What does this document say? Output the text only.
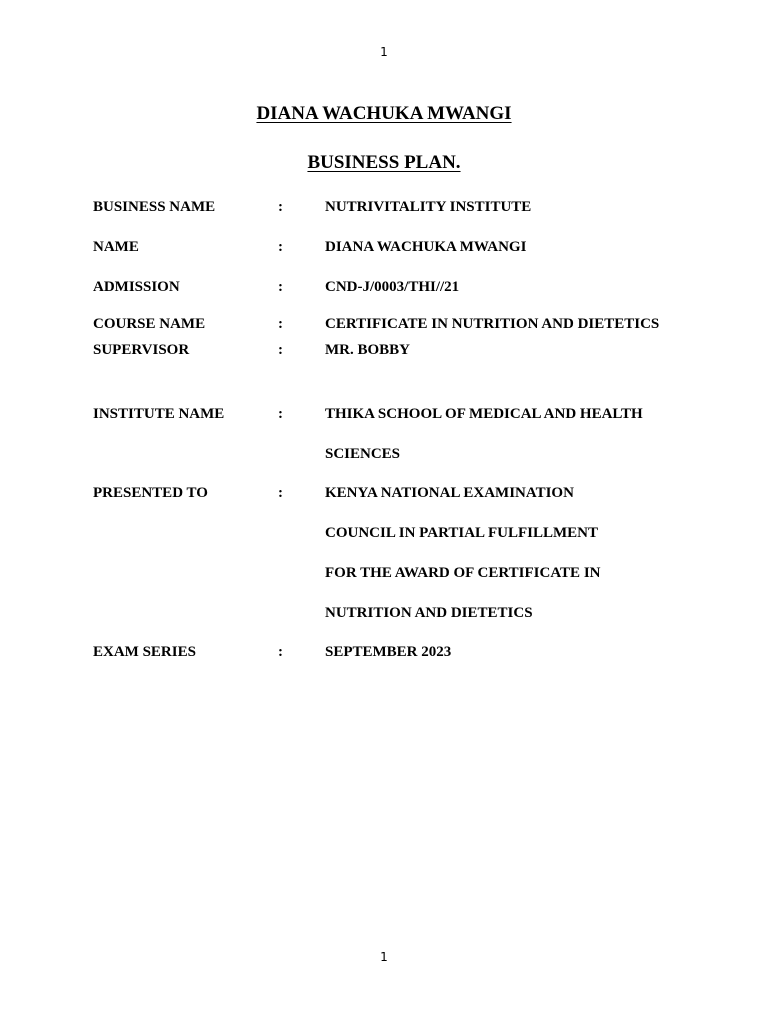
1
DIANA WACHUKA MWANGI
BUSINESS PLAN.
BUSINESS NAME	:	NUTRIVITALITY INSTITUTE
NAME	:	DIANA WACHUKA MWANGI
ADMISSION	:	CND-J/0003/THI//21
COURSE NAME	:	CERTIFICATE IN NUTRITION AND DIETETICS
SUPERVISOR	:	MR. BOBBY
INSTITUTE NAME	:	THIKA SCHOOL OF MEDICAL AND HEALTH
SCIENCES
PRESENTED TO	:	KENYA NATIONAL EXAMINATION
COUNCIL IN PARTIAL FULFILLMENT
FOR THE AWARD OF CERTIFICATE IN
NUTRITION AND DIETETICS
EXAM SERIES	:	SEPTEMBER 2023
1
